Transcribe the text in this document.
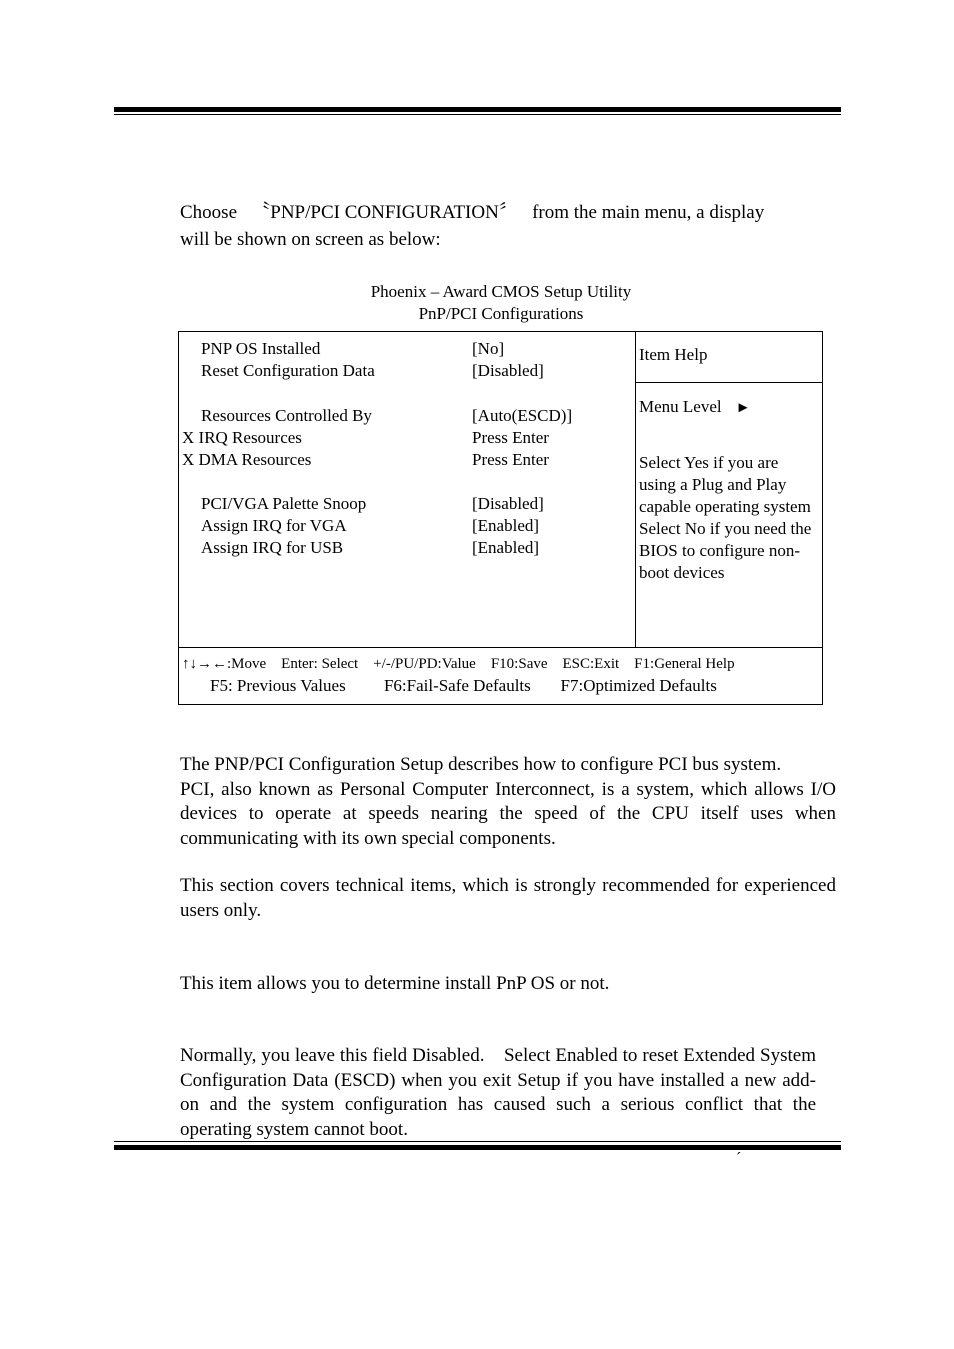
Choose 　〝PNP/PCI CONFIGURATION〞　 from the main menu, a display
will be shown on screen as below:
Phoenix – Award CMOS Setup Utility
PnP/PCI Configurations
PNP OS Installed	[No]
Reset Configuration Data	[Disabled]
Resources Controlled By	[Auto(ESCD)]
X IRQ Resources	Press Enter
X DMA Resources	Press Enter
PCI/VGA Palette Snoop	[Disabled]
Assign IRQ for VGA	[Enabled]
Assign IRQ for USB	[Enabled]
Item Help
Menu Level ►
Select Yes if you are using a Plug and Play capable operating system Select No if you need the BIOS to configure non-boot devices
↑↓→←:Move    Enter: Select    +/-/PU/PD:Value    F10:Save    ESC:Exit    F1:General Help
F5: Previous Values         F6:Fail-Safe Defaults       F7:Optimized Defaults
The PNP/PCI Configuration Setup describes how to configure PCI bus system.
PCI, also known as Personal Computer Interconnect, is a system, which allows I/O devices to operate at speeds nearing the speed of the CPU itself uses when communicating with its own special components.
This section covers technical items, which is strongly recommended for experienced users only.
This item allows you to determine install PnP OS or not.
Normally, you leave this field Disabled.　Select Enabled to reset Extended System Configuration Data (ESCD) when you exit Setup if you have installed a new add-on and the system configuration has caused such a serious conflict that the operating system cannot boot.
ˊ
